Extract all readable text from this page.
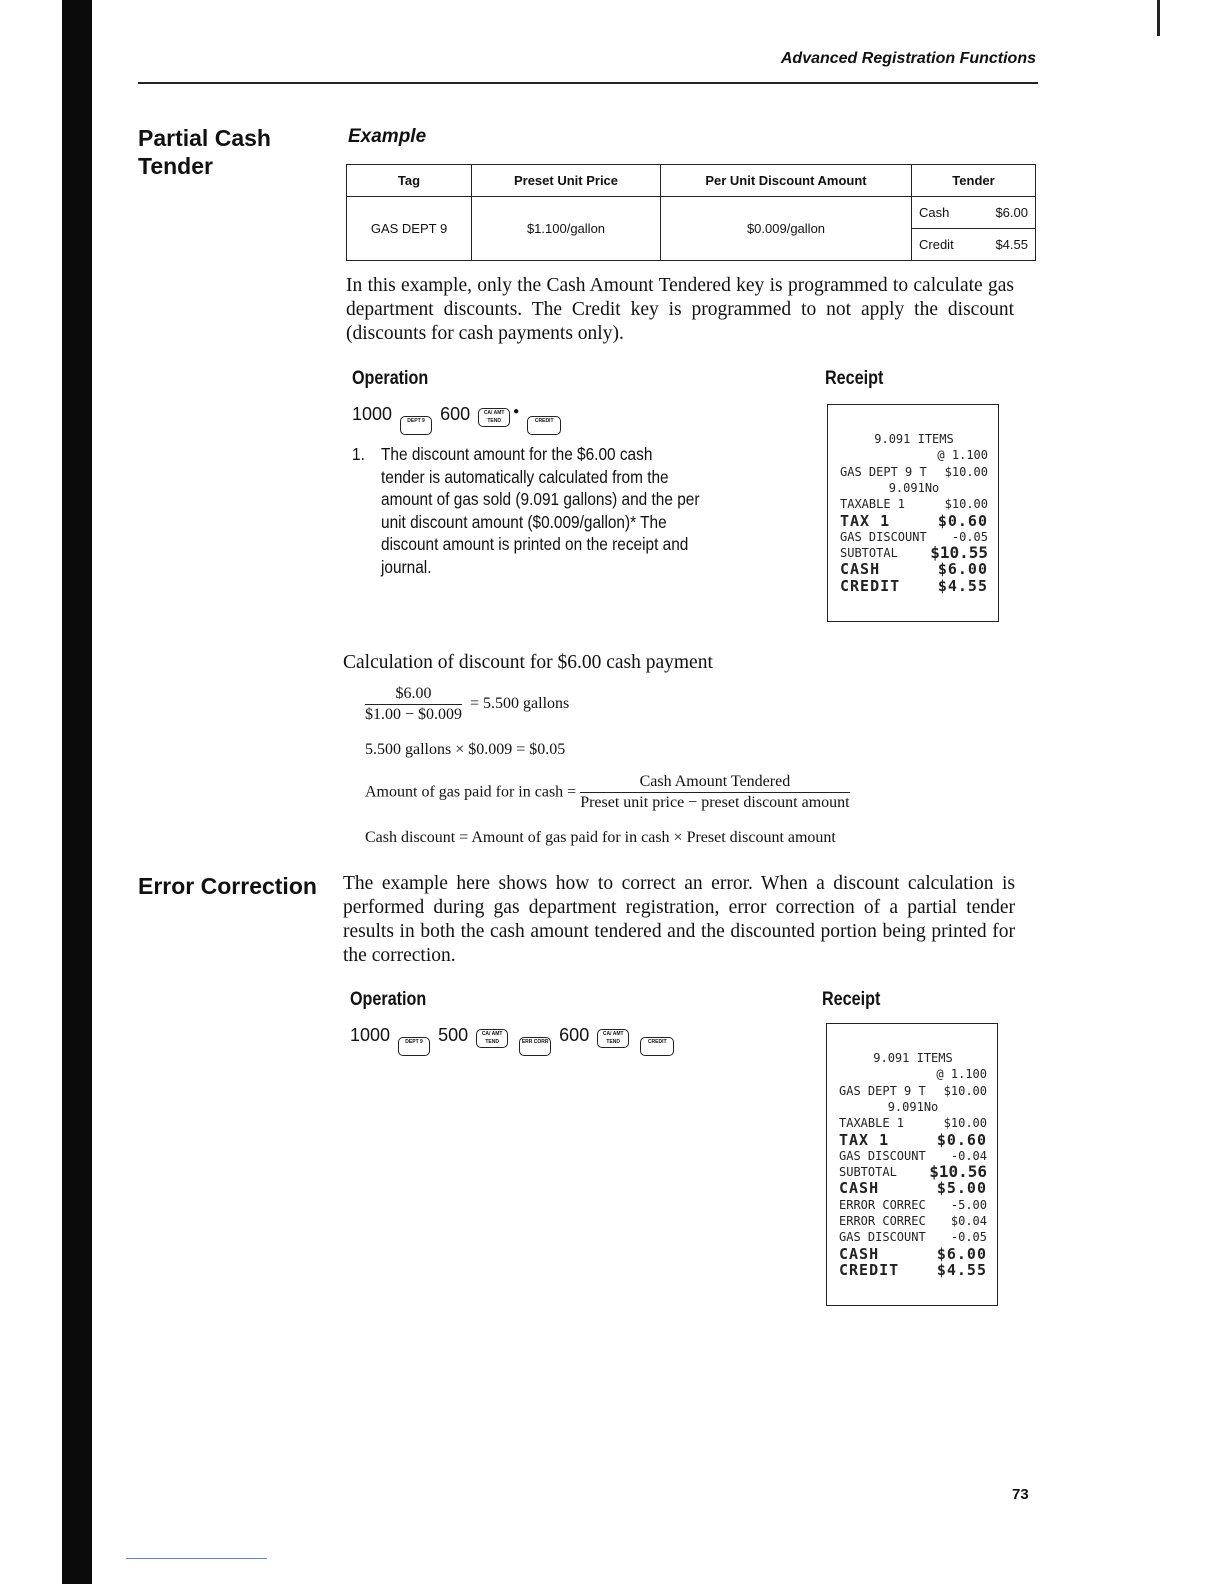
Advanced Registration Functions
Partial Cash Tender
Example
Tag	Preset Unit Price	Per Unit Discount Amount	Tender
GAS DEPT 9	$1.100/gallon	$0.009/gallon	Cash $6.00
Credit $4.55
In this example, only the Cash Amount Tendered key is programmed to calculate gas department discounts. The Credit key is programmed to not apply the discount (discounts for cash payments only).
Operation	Receipt
1000	DEPT 9 600	CA/ AMT TEND● CREDIT
1. The discount amount for the $6.00 cash tender is automatically calculated from the amount of gas sold (9.091 gallons) and the per unit discount amount ($0.009/gallon)* The discount amount is printed on the receipt and journal.
9.091 ITEMS
@ 1.100
GAS DEPT 9 T $10.00
9.091No
TAXABLE 1	$10.00
TAX 1	$0.60
GAS DISCOUNT -0.05
SUBTOTAL $10.55
CASH	$6.00
CREDIT	$4.55
Calculation of discount for $6.00 cash payment
$\frac{\$6.00}{\$1.00 - \$0.009} = 5.500$ gallons
5.500 gallons × $0.009 = $0.05
Amount of gas paid for in cash = $\frac{\text{Cash Amount Tendered}}{\text{Preset unit price − preset discount amount}}$
Cash discount = Amount of gas paid for in cash × Preset discount amount
Error Correction The example here shows how to correct an error. When a discount calculation is performed during gas department registration, error correction of a partial tender results in both the cash amount tendered and the discounted portion being printed for the correction.
Operation	Receipt
1000	DEPT 9 500	CA/ AMT TEND	ERR CORR 600	CA/ AMT TEND	CREDIT
9.091 ITEMS
@ 1.100
GAS DEPT 9 T $10.00
9.091No
TAXABLE 1	$10.00
TAX 1	$0.60
GAS DISCOUNT -0.04
SUBTOTAL $10.56
CASH	$5.00
ERROR CORREC -5.00
ERROR CORREC $0.04
GAS DISCOUNT -0.05
CASH	$6.00
CREDIT	$4.55
73
